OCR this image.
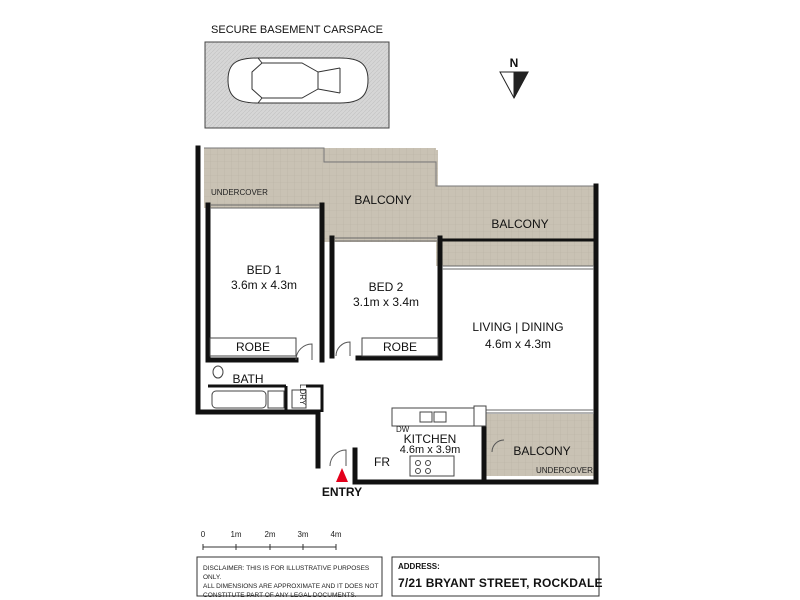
SECURE BASEMENT CARSPACE
N
UNDERCOVER
BALCONY
BALCONY
BED 1
3.6m x 4.3m
ROBE
BED 2
3.1m x 3.4m
ROBE
LIVING | DINING
4.6m x 4.3m
BATH
LDRY
DW
KITCHEN
4.6m x 3.9m
FR
BALCONY
UNDERCOVER
ENTRY
0	1m	2m	3m	4m
DISCLAIMER: THIS IS FOR ILLUSTRATIVE PURPOSES ONLY.
ALL DIMENSIONS ARE APPROXIMATE AND IT DOES NOT
CONSTITUTE PART OF ANY LEGAL DOCUMENTS.
ADDRESS:
7/21 BRYANT STREET, ROCKDALE
